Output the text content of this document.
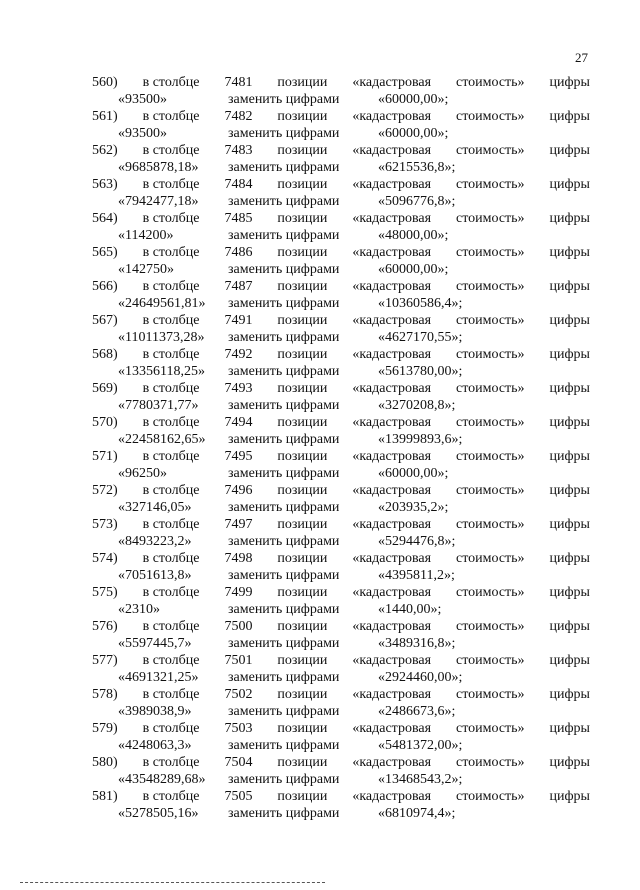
27
560) в столбце 7481 позиции «кадастровая стоимость» цифры
«93500»	заменить цифрами	«60000,00»;
561) в столбце 7482 позиции «кадастровая стоимость» цифры
«93500»	заменить цифрами	«60000,00»;
562) в столбце 7483 позиции «кадастровая стоимость» цифры
«9685878,18»	заменить цифрами	«6215536,8»;
563) в столбце 7484 позиции «кадастровая стоимость» цифры
«7942477,18»	заменить цифрами	«5096776,8»;
564) в столбце 7485 позиции «кадастровая стоимость» цифры
«114200»	заменить цифрами	«48000,00»;
565) в столбце 7486 позиции «кадастровая стоимость» цифры
«142750»	заменить цифрами	«60000,00»;
566) в столбце 7487 позиции «кадастровая стоимость» цифры
«24649561,81»	заменить цифрами	«10360586,4»;
567) в столбце 7491 позиции «кадастровая стоимость» цифры
«11011373,28»	заменить цифрами	«4627170,55»;
568) в столбце 7492 позиции «кадастровая стоимость» цифры
«13356118,25»	заменить цифрами	«5613780,00»;
569) в столбце 7493 позиции «кадастровая стоимость» цифры
«7780371,77»	заменить цифрами	«3270208,8»;
570) в столбце 7494 позиции «кадастровая стоимость» цифры
«22458162,65»	заменить цифрами	«13999893,6»;
571) в столбце 7495 позиции «кадастровая стоимость» цифры
«96250»	заменить цифрами	«60000,00»;
572) в столбце 7496 позиции «кадастровая стоимость» цифры
«327146,05»	заменить цифрами	«203935,2»;
573) в столбце 7497 позиции «кадастровая стоимость» цифры
«8493223,2»	заменить цифрами	«5294476,8»;
574) в столбце 7498 позиции «кадастровая стоимость» цифры
«7051613,8»	заменить цифрами	«4395811,2»;
575) в столбце 7499 позиции «кадастровая стоимость» цифры
«2310»	заменить цифрами	«1440,00»;
576) в столбце 7500 позиции «кадастровая стоимость» цифры
«5597445,7»	заменить цифрами	«3489316,8»;
577) в столбце 7501 позиции «кадастровая стоимость» цифры
«4691321,25»	заменить цифрами	«2924460,00»;
578) в столбце 7502 позиции «кадастровая стоимость» цифры
«3989038,9»	заменить цифрами	«2486673,6»;
579) в столбце 7503 позиции «кадастровая стоимость» цифры
«4248063,3»	заменить цифрами	«5481372,00»;
580) в столбце 7504 позиции «кадастровая стоимость» цифры
«43548289,68»	заменить цифрами	«13468543,2»;
581) в столбце 7505 позиции «кадастровая стоимость» цифры
«5278505,16»	заменить цифрами	«6810974,4»;
